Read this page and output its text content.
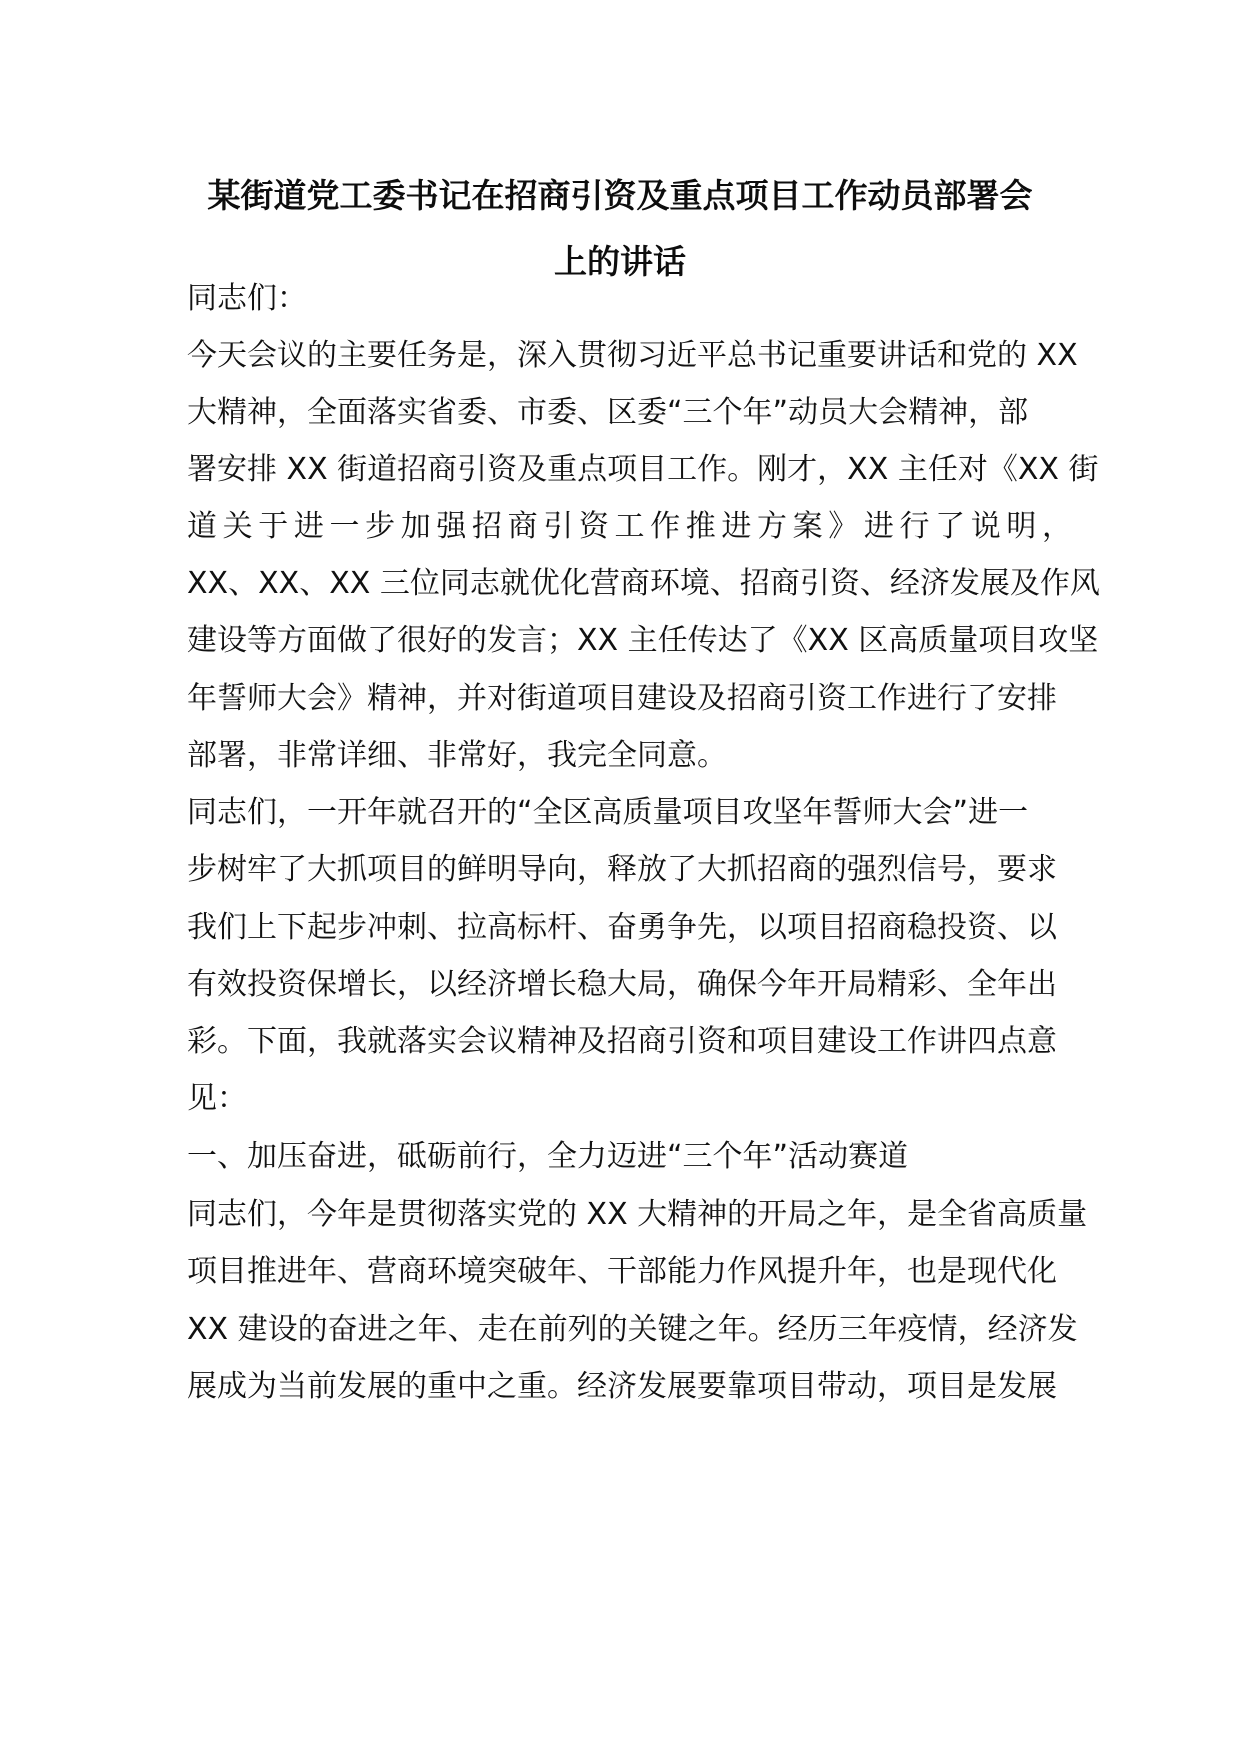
某街道党工委书记在招商引资及重点项目工作动员部署会
上的讲话
同志们：
今天会议的主要任务是，深入贯彻习近平总书记重要讲话和党的 XX
大精神，全面落实省委、市委、区委“三个年”动员大会精神，部
署安排 XX 街道招商引资及重点项目工作。刚才，XX 主任对《XX 街
道关于进一步加强招商引资工作推进方案》进行了说明，
XX、XX、XX 三位同志就优化营商环境、招商引资、经济发展及作风
建设等方面做了很好的发言；XX 主任传达了《XX 区高质量项目攻坚
年誓师大会》精神，并对街道项目建设及招商引资工作进行了安排
部署，非常详细、非常好，我完全同意。
同志们，一开年就召开的“全区高质量项目攻坚年誓师大会”进一
步树牢了大抓项目的鲜明导向，释放了大抓招商的强烈信号，要求
我们上下起步冲刺、拉高标杆、奋勇争先，以项目招商稳投资、以
有效投资保增长，以经济增长稳大局，确保今年开局精彩、全年出
彩。下面，我就落实会议精神及招商引资和项目建设工作讲四点意
见：
一、加压奋进，砥砺前行，全力迈进“三个年”活动赛道
同志们，今年是贯彻落实党的 XX 大精神的开局之年，是全省高质量
项目推进年、营商环境突破年、干部能力作风提升年，也是现代化
XX 建设的奋进之年、走在前列的关键之年。经历三年疫情，经济发
展成为当前发展的重中之重。经济发展要靠项目带动，项目是发展
